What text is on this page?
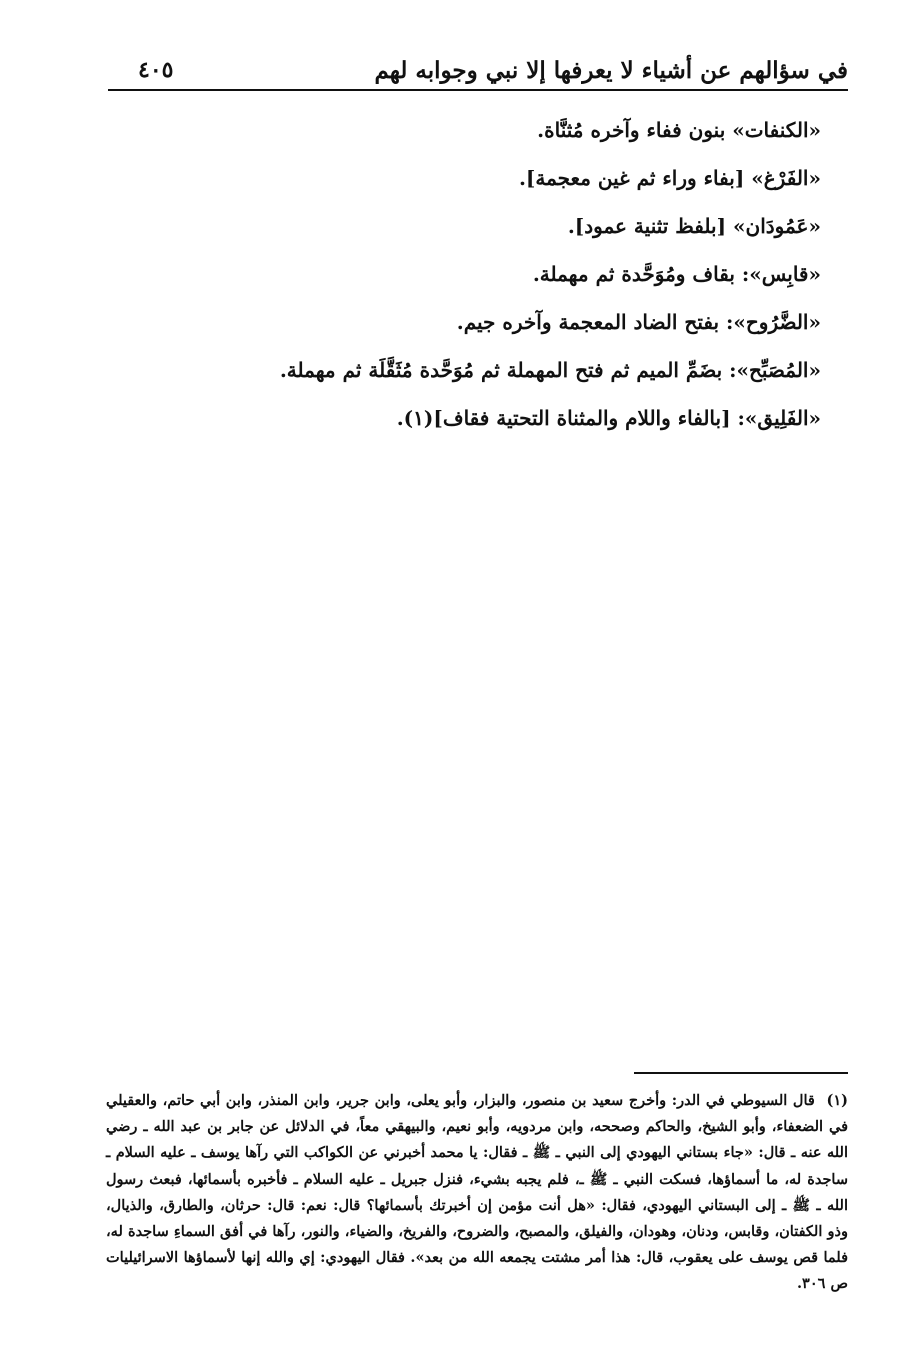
في سؤالهم عن أشياء لا يعرفها إلا نبي وجوابه لهم
٤٠٥
«الكنفات» بنون ففاء وآخره مُثنَّاة.
«الفَرْغ» [بفاء وراء ثم غين معجمة].
«عَمُودَان» [بلفظ تثنية عمود].
«قابِس»: بقاف ومُوَحَّدة ثم مهملة.
«الضَّرُوح»: بفتح الضاد المعجمة وآخره جيم.
«المُصَبِّح»: بضَمِّ الميم ثم فتح المهملة ثم مُوَحَّدة مُثَقَّلَة ثم مهملة.
«الفَلِيق»: [بالفاء واللام والمثناة التحتية فقاف](١).
(١) قال السيوطي في الدر: وأخرج سعيد بن منصور، والبزار، وأبو يعلى، وابن جرير، وابن المنذر، وابن أبي حاتم، والعقيلي في الضعفاء، وأبو الشيخ، والحاكم وصححه، وابن مردويه، وأبو نعيم، والبيهقي معاً، في الدلائل عن جابر بن عبد الله ـ رضي الله عنه ـ قال: «جاء بستاني اليهودي إلى النبي ـ ﷺ ـ فقال: يا محمد أخبرني عن الكواكب التي رآها يوسف ـ عليه السلام ـ ساجدة له، ما أسماؤها، فسكت النبي ـ ﷺ ـ، فلم يجبه بشيء، فنزل جبريل ـ عليه السلام ـ فأخبره بأسمائها، فبعث رسول الله ـ ﷺ ـ إلى البستاني اليهودي، فقال: «هل أنت مؤمن إن أخبرتك بأسمائها؟ قال: نعم: قال: حرثان، والطارق، والذيال، وذو الكفتان، وقابس، ودنان، وهودان، والفيلق، والمصبح، والضروح، والفريخ، والضياء، والنور، رآها في أفق السماءِ ساجدة له، فلما قص يوسف على يعقوب، قال: هذا أمر مشتت يجمعه الله من بعد». فقال اليهودي: إي والله إنها لأسماؤها الاسرائيليات ص ٣٠٦.
